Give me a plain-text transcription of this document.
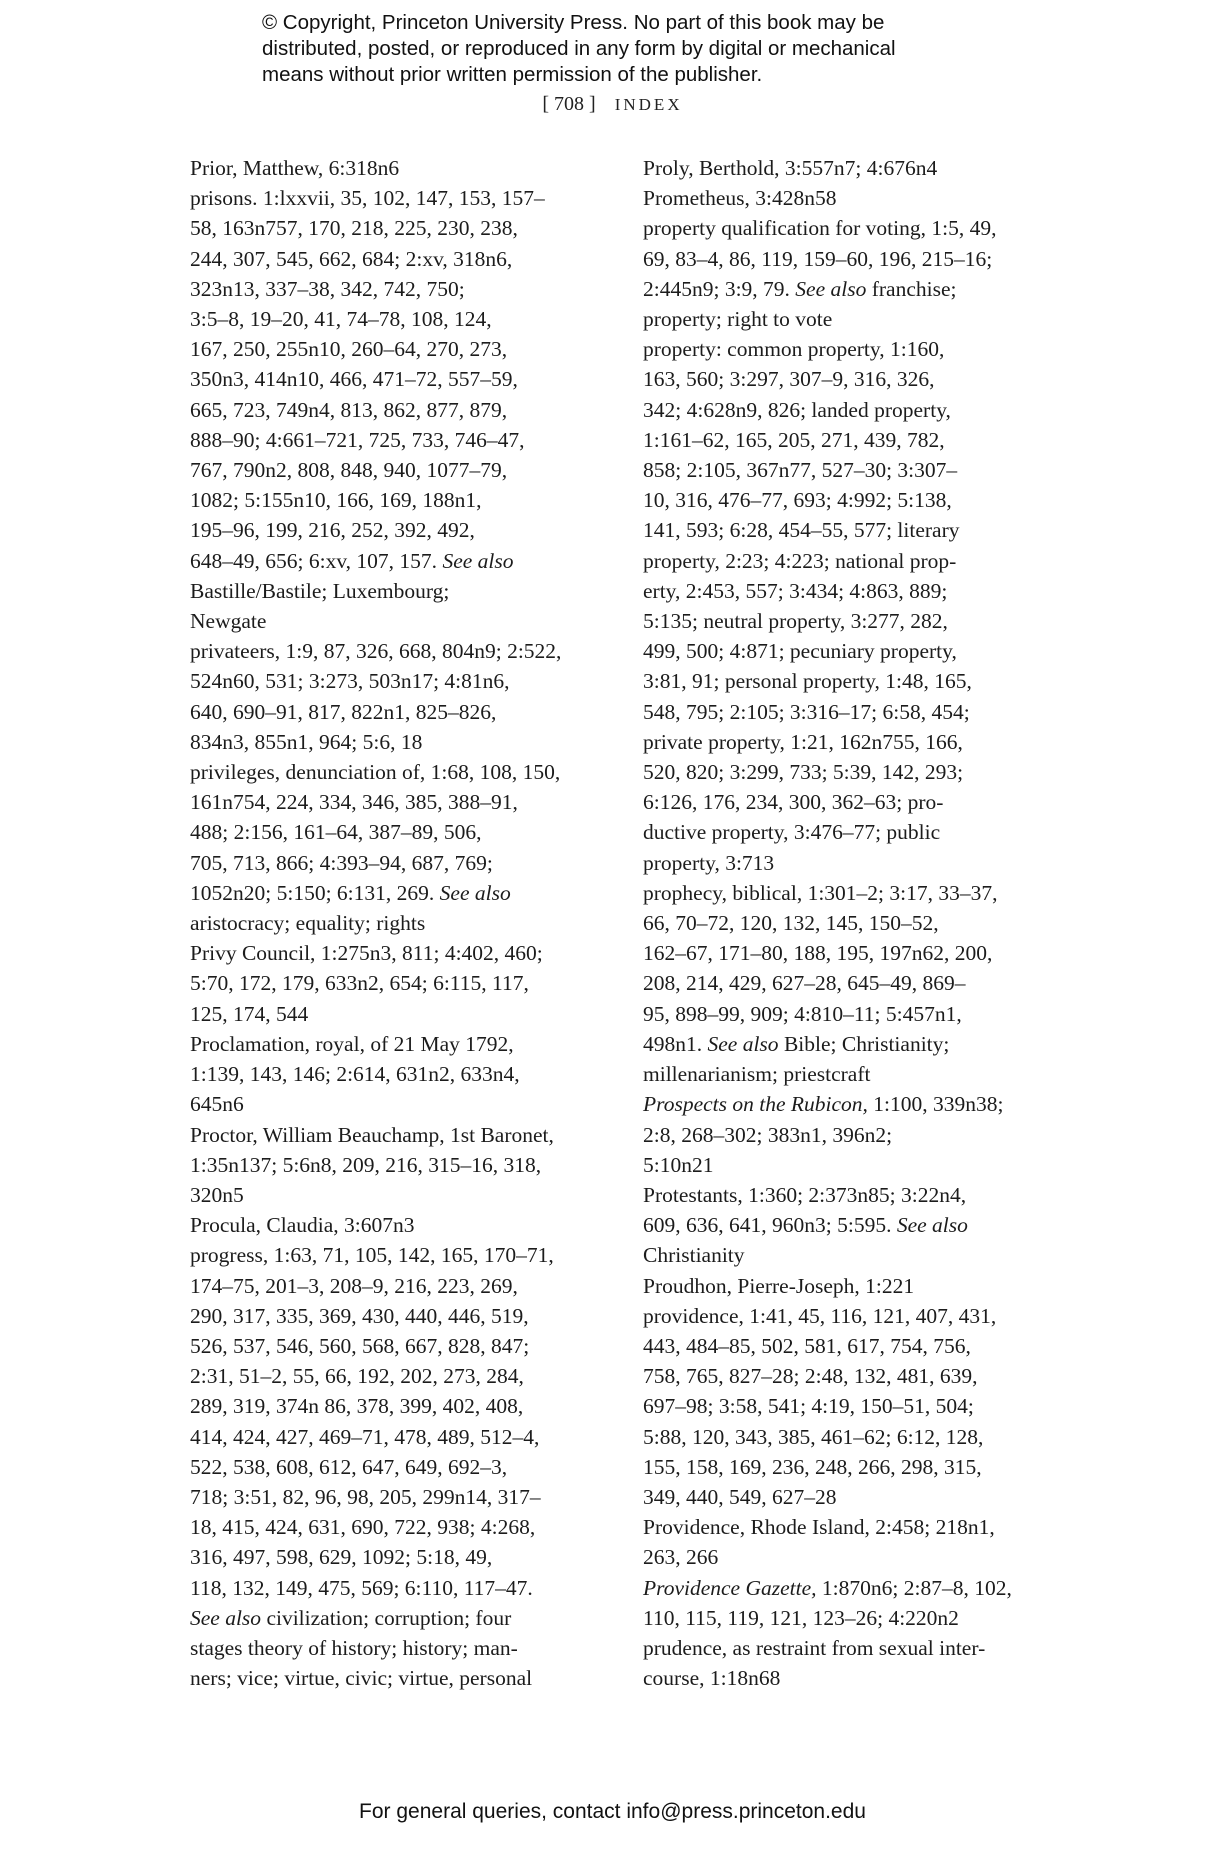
© Copyright, Princeton University Press. No part of this book may be
distributed, posted, or reproduced in any form by digital or mechanical
means without prior written permission of the publisher.
[ 708 ] INDEX
Prior, Matthew, 6:318n6
prisons. 1:lxxvii, 35, 102, 147, 153, 157–
58, 163n757, 170, 218, 225, 230, 238,
244, 307, 545, 662, 684; 2:xv, 318n6,
323n13, 337–38, 342, 742, 750;
3:5–8, 19–20, 41, 74–78, 108, 124,
167, 250, 255n10, 260–64, 270, 273,
350n3, 414n10, 466, 471–72, 557–59,
665, 723, 749n4, 813, 862, 877, 879,
888–90; 4:661–721, 725, 733, 746–47,
767, 790n2, 808, 848, 940, 1077–79,
1082; 5:155n10, 166, 169, 188n1,
195–96, 199, 216, 252, 392, 492,
648–49, 656; 6:xv, 107, 157. See also
Bastille/Bastile; Luxembourg;
Newgate
privateers, 1:9, 87, 326, 668, 804n9; 2:522,
524n60, 531; 3:273, 503n17; 4:81n6,
640, 690–91, 817, 822n1, 825–826,
834n3, 855n1, 964; 5:6, 18
privileges, denunciation of, 1:68, 108, 150,
161n754, 224, 334, 346, 385, 388–91,
488; 2:156, 161–64, 387–89, 506,
705, 713, 866; 4:393–94, 687, 769;
1052n20; 5:150; 6:131, 269. See also
aristocracy; equality; rights
Privy Council, 1:275n3, 811; 4:402, 460;
5:70, 172, 179, 633n2, 654; 6:115, 117,
125, 174, 544
Proclamation, royal, of 21 May 1792,
1:139, 143, 146; 2:614, 631n2, 633n4,
645n6
Proctor, William Beauchamp, 1st Baronet,
1:35n137; 5:6n8, 209, 216, 315–16, 318,
320n5
Procula, Claudia, 3:607n3
progress, 1:63, 71, 105, 142, 165, 170–71,
174–75, 201–3, 208–9, 216, 223, 269,
290, 317, 335, 369, 430, 440, 446, 519,
526, 537, 546, 560, 568, 667, 828, 847;
2:31, 51–2, 55, 66, 192, 202, 273, 284,
289, 319, 374n 86, 378, 399, 402, 408,
414, 424, 427, 469–71, 478, 489, 512–4,
522, 538, 608, 612, 647, 649, 692–3,
718; 3:51, 82, 96, 98, 205, 299n14, 317–
18, 415, 424, 631, 690, 722, 938; 4:268,
316, 497, 598, 629, 1092; 5:18, 49,
118, 132, 149, 475, 569; 6:110, 117–47.
See also civilization; corruption; four
stages theory of history; history; man-
ners; vice; virtue, civic; virtue, personal
Proly, Berthold, 3:557n7; 4:676n4
Prometheus, 3:428n58
property qualification for voting, 1:5, 49,
69, 83–4, 86, 119, 159–60, 196, 215–16;
2:445n9; 3:9, 79. See also franchise;
property; right to vote
property: common property, 1:160,
163, 560; 3:297, 307–9, 316, 326,
342; 4:628n9, 826; landed property,
1:161–62, 165, 205, 271, 439, 782,
858; 2:105, 367n77, 527–30; 3:307–
10, 316, 476–77, 693; 4:992; 5:138,
141, 593; 6:28, 454–55, 577; literary
property, 2:23; 4:223; national prop-
erty, 2:453, 557; 3:434; 4:863, 889;
5:135; neutral property, 3:277, 282,
499, 500; 4:871; pecuniary property,
3:81, 91; personal property, 1:48, 165,
548, 795; 2:105; 3:316–17; 6:58, 454;
private property, 1:21, 162n755, 166,
520, 820; 3:299, 733; 5:39, 142, 293;
6:126, 176, 234, 300, 362–63; pro-
ductive property, 3:476–77; public
property, 3:713
prophecy, biblical, 1:301–2; 3:17, 33–37,
66, 70–72, 120, 132, 145, 150–52,
162–67, 171–80, 188, 195, 197n62, 200,
208, 214, 429, 627–28, 645–49, 869–
95, 898–99, 909; 4:810–11; 5:457n1,
498n1. See also Bible; Christianity;
millenarianism; priestcraft
Prospects on the Rubicon, 1:100, 339n38;
2:8, 268–302; 383n1, 396n2;
5:10n21
Protestants, 1:360; 2:373n85; 3:22n4,
609, 636, 641, 960n3; 5:595. See also
Christianity
Proudhon, Pierre-Joseph, 1:221
providence, 1:41, 45, 116, 121, 407, 431,
443, 484–85, 502, 581, 617, 754, 756,
758, 765, 827–28; 2:48, 132, 481, 639,
697–98; 3:58, 541; 4:19, 150–51, 504;
5:88, 120, 343, 385, 461–62; 6:12, 128,
155, 158, 169, 236, 248, 266, 298, 315,
349, 440, 549, 627–28
Providence, Rhode Island, 2:458; 218n1,
263, 266
Providence Gazette, 1:870n6; 2:87–8, 102,
110, 115, 119, 121, 123–26; 4:220n2
prudence, as restraint from sexual inter-
course, 1:18n68
For general queries, contact info@press.princeton.edu
